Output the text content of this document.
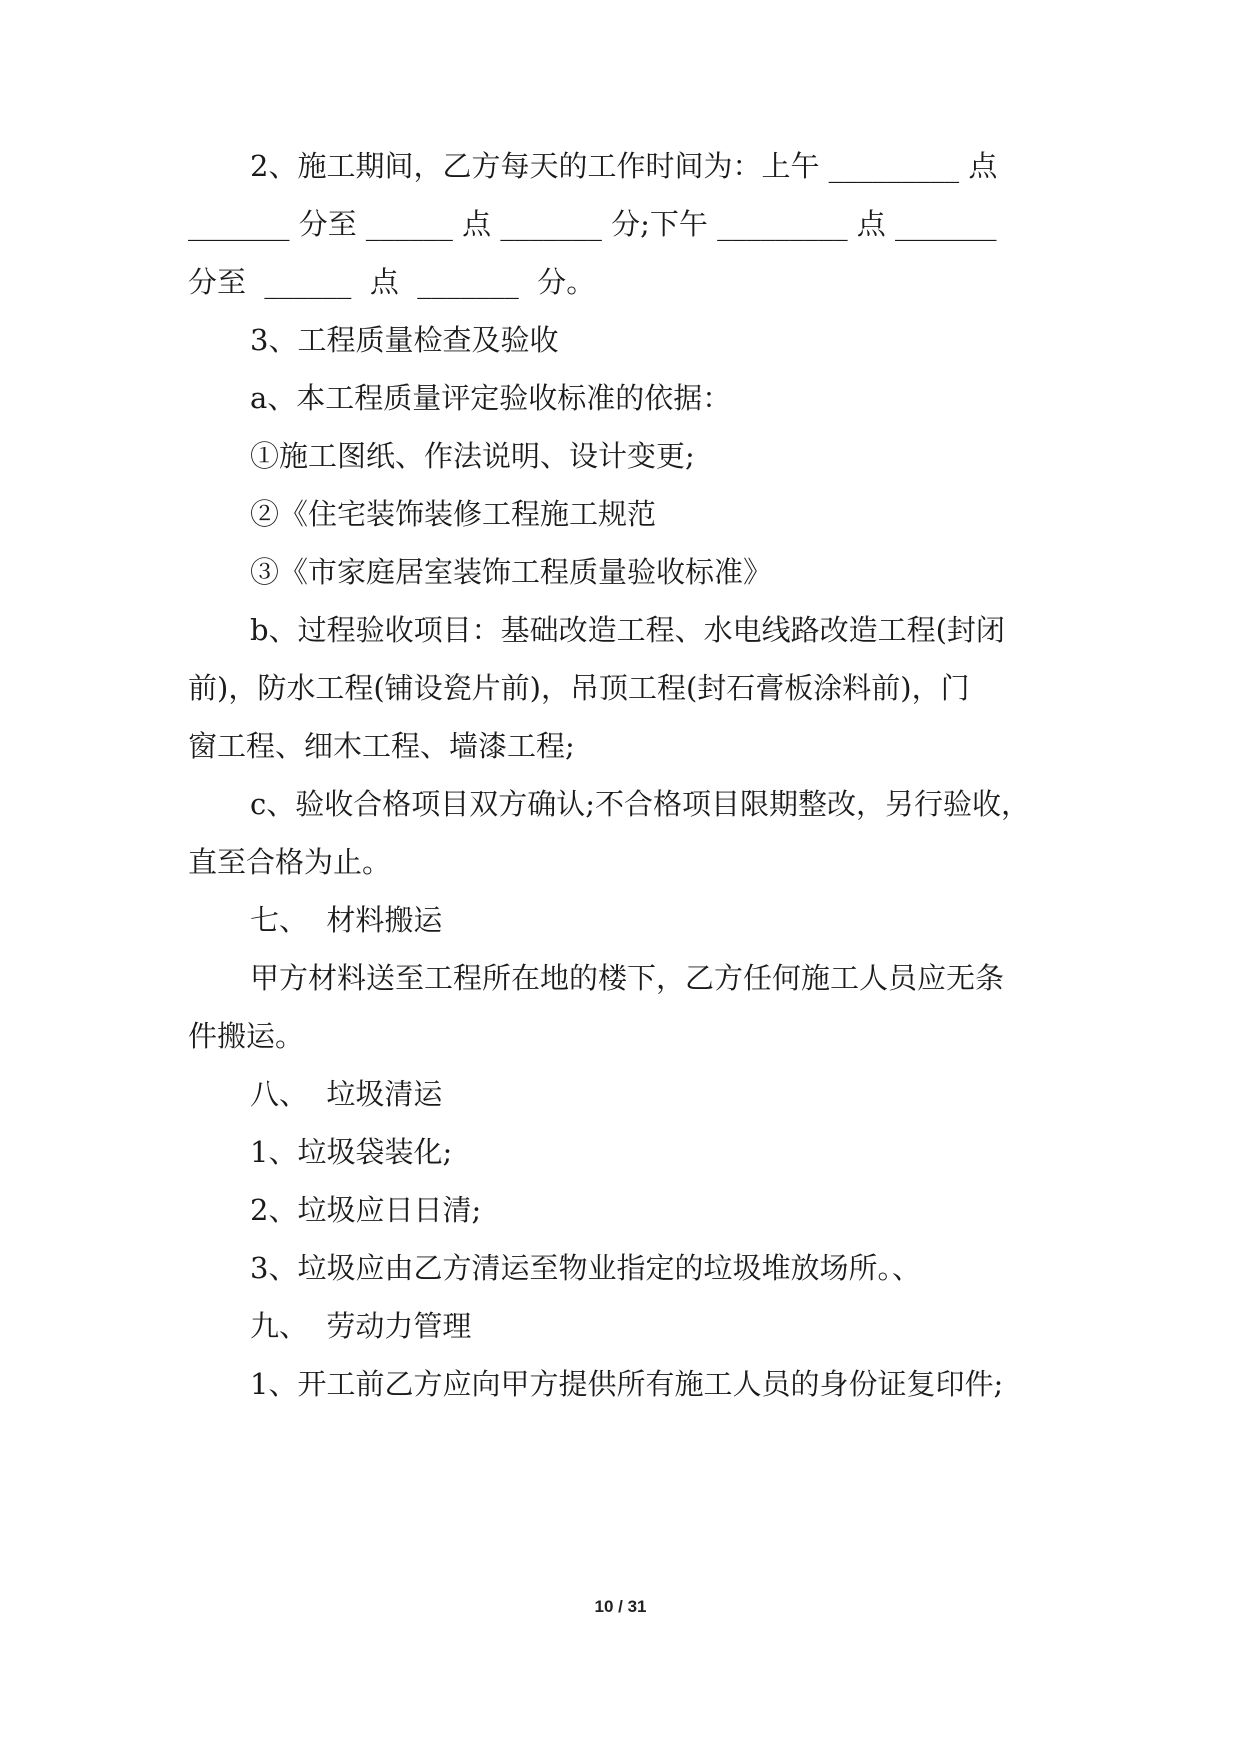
2、施工期间，乙方每天的工作时间为：上午 _________ 点
_______ 分至 ______ 点 _______ 分;下午 _________ 点 _______
分至  ______  点  _______  分。
3、工程质量检查及验收
a、本工程质量评定验收标准的依据：
①施工图纸、作法说明、设计变更;
②《住宅装饰装修工程施工规范
③《市家庭居室装饰工程质量验收标准》
b、过程验收项目：基础改造工程、水电线路改造工程(封闭
前)，防水工程(铺设瓷片前)，吊顶工程(封石膏板涂料前)，门
窗工程、细木工程、墙漆工程;
c、验收合格项目双方确认;不合格项目限期整改，另行验收，
直至合格为止。
七、  材料搬运
甲方材料送至工程所在地的楼下，乙方任何施工人员应无条
件搬运。
八、  垃圾清运
1、垃圾袋装化;
2、垃圾应日日清;
3、垃圾应由乙方清运至物业指定的垃圾堆放场所。、
九、  劳动力管理
1、开工前乙方应向甲方提供所有施工人员的身份证复印件;
10 / 31
